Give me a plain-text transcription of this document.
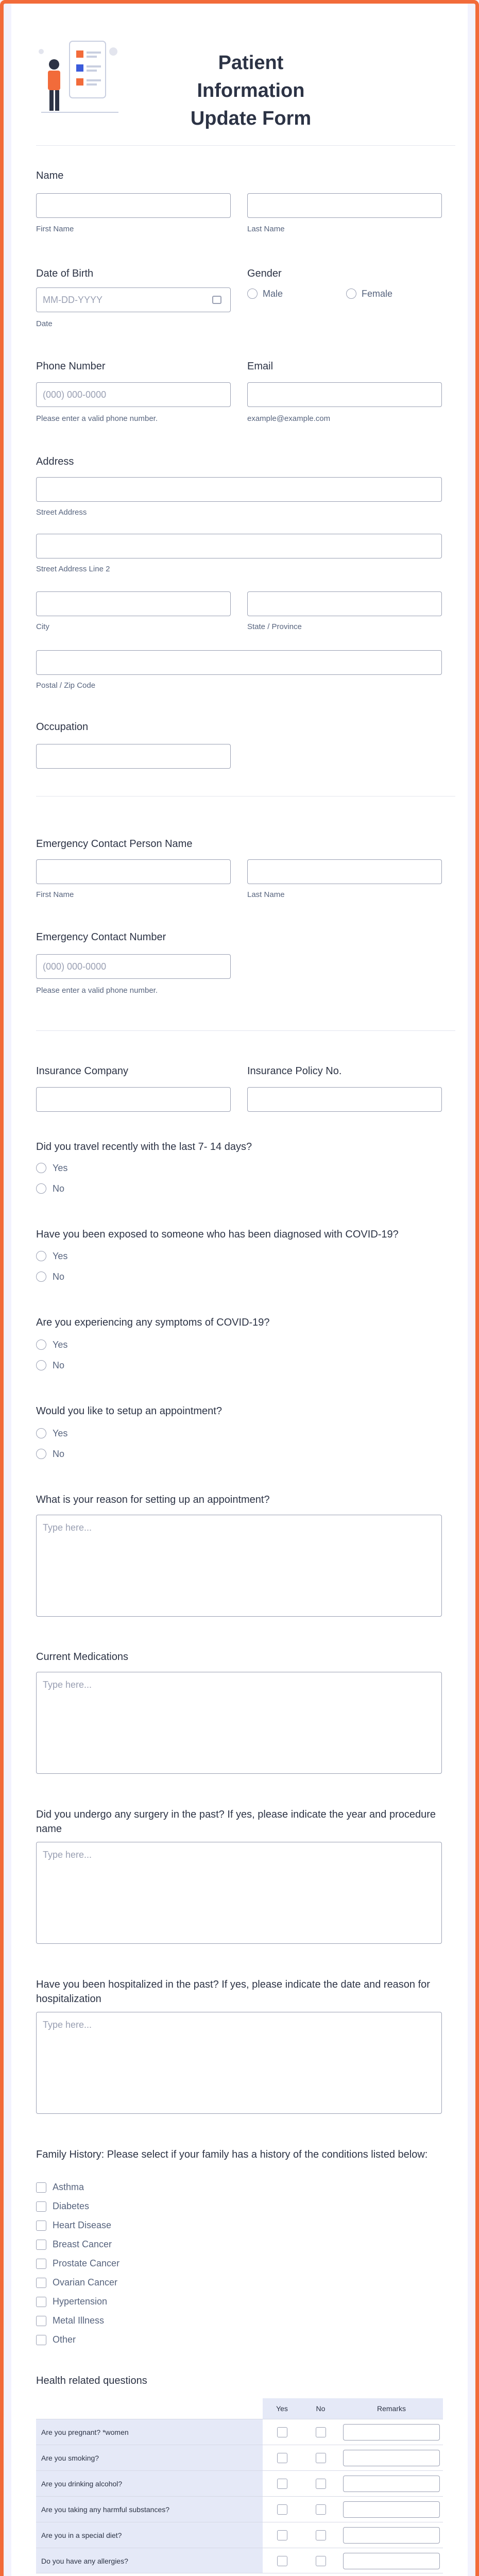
Patient Information Update Form
Name
First Name	Last Name
Date of Birth
MM-DD-YYYY
Date
Gender
Male	Female
Phone Number
(000) 000-0000
Please enter a valid phone number.
Email
example@example.com
Address
Street Address
Street Address Line 2
City	State / Province
Postal / Zip Code
Occupation
Emergency Contact Person Name
First Name	Last Name
Emergency Contact Number
(000) 000-0000
Please enter a valid phone number.
Insurance Company	Insurance Policy No.
Did you travel recently with the last 7- 14 days?
Yes
No
Have you been exposed to someone who has been diagnosed with COVID-19?
Yes
No
Are you experiencing any symptoms of COVID-19?
Yes
No
Would you like to setup an appointment?
Yes
No
What is your reason for setting up an appointment?
Type here...
Current Medications
Type here...
Did you undergo any surgery in the past? If yes, please indicate the year and procedure name
Type here...
Have you been hospitalized in the past? If yes, please indicate the date and reason for hospitalization
Type here...
Family History: Please select if your family has a history of the conditions listed below:
Asthma
Diabetes
Heart Disease
Breast Cancer
Prostate Cancer
Ovarian Cancer
Hypertension
Metal Illness
Other
Health related questions
Yes	No	Remarks
Are you pregnant? *women
Are you smoking?
Are you drinking alcohol?
Are you taking any harmful substances?
Are you in a special diet?
Do you have any allergies?
